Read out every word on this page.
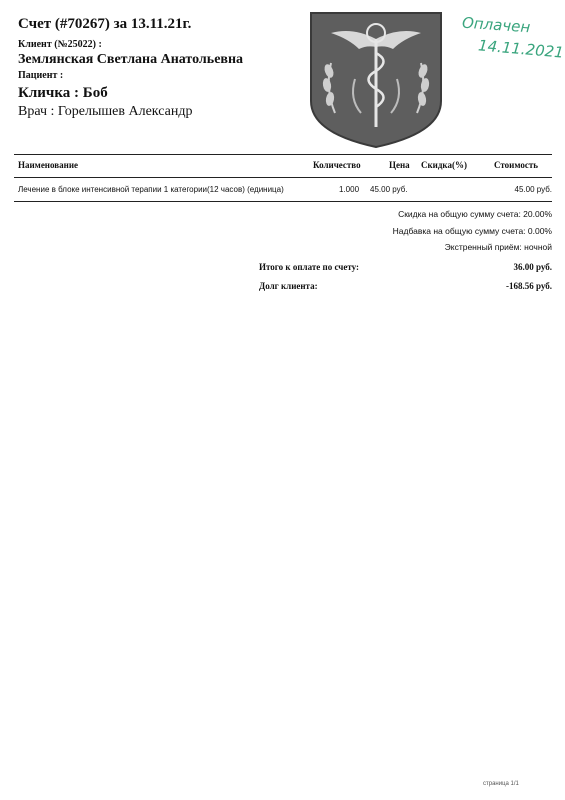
Счет (#70267) за 13.11.21г.
Клиент (№25022) :
Землянская Светлана Анатольевна
Пациент :
Кличка : Боб
Врач : Горелышев Александр
Оплачен
14.11.2021
Наименование	Количество	Цена Скидка(%)	Стоимость
Лечение в блоке интенсивной терапии 1 категории(12 часов) (единица)	1.000 45.00 руб.	45.00 руб.
Скидка на общую сумму счета: 20.00%
Надбавка на общую сумму счета: 0.00%
Экстренный приём: ночной
Итого к оплате по счету:	36.00 руб.
Долг клиента:	-168.56 руб.
страница 1/1
